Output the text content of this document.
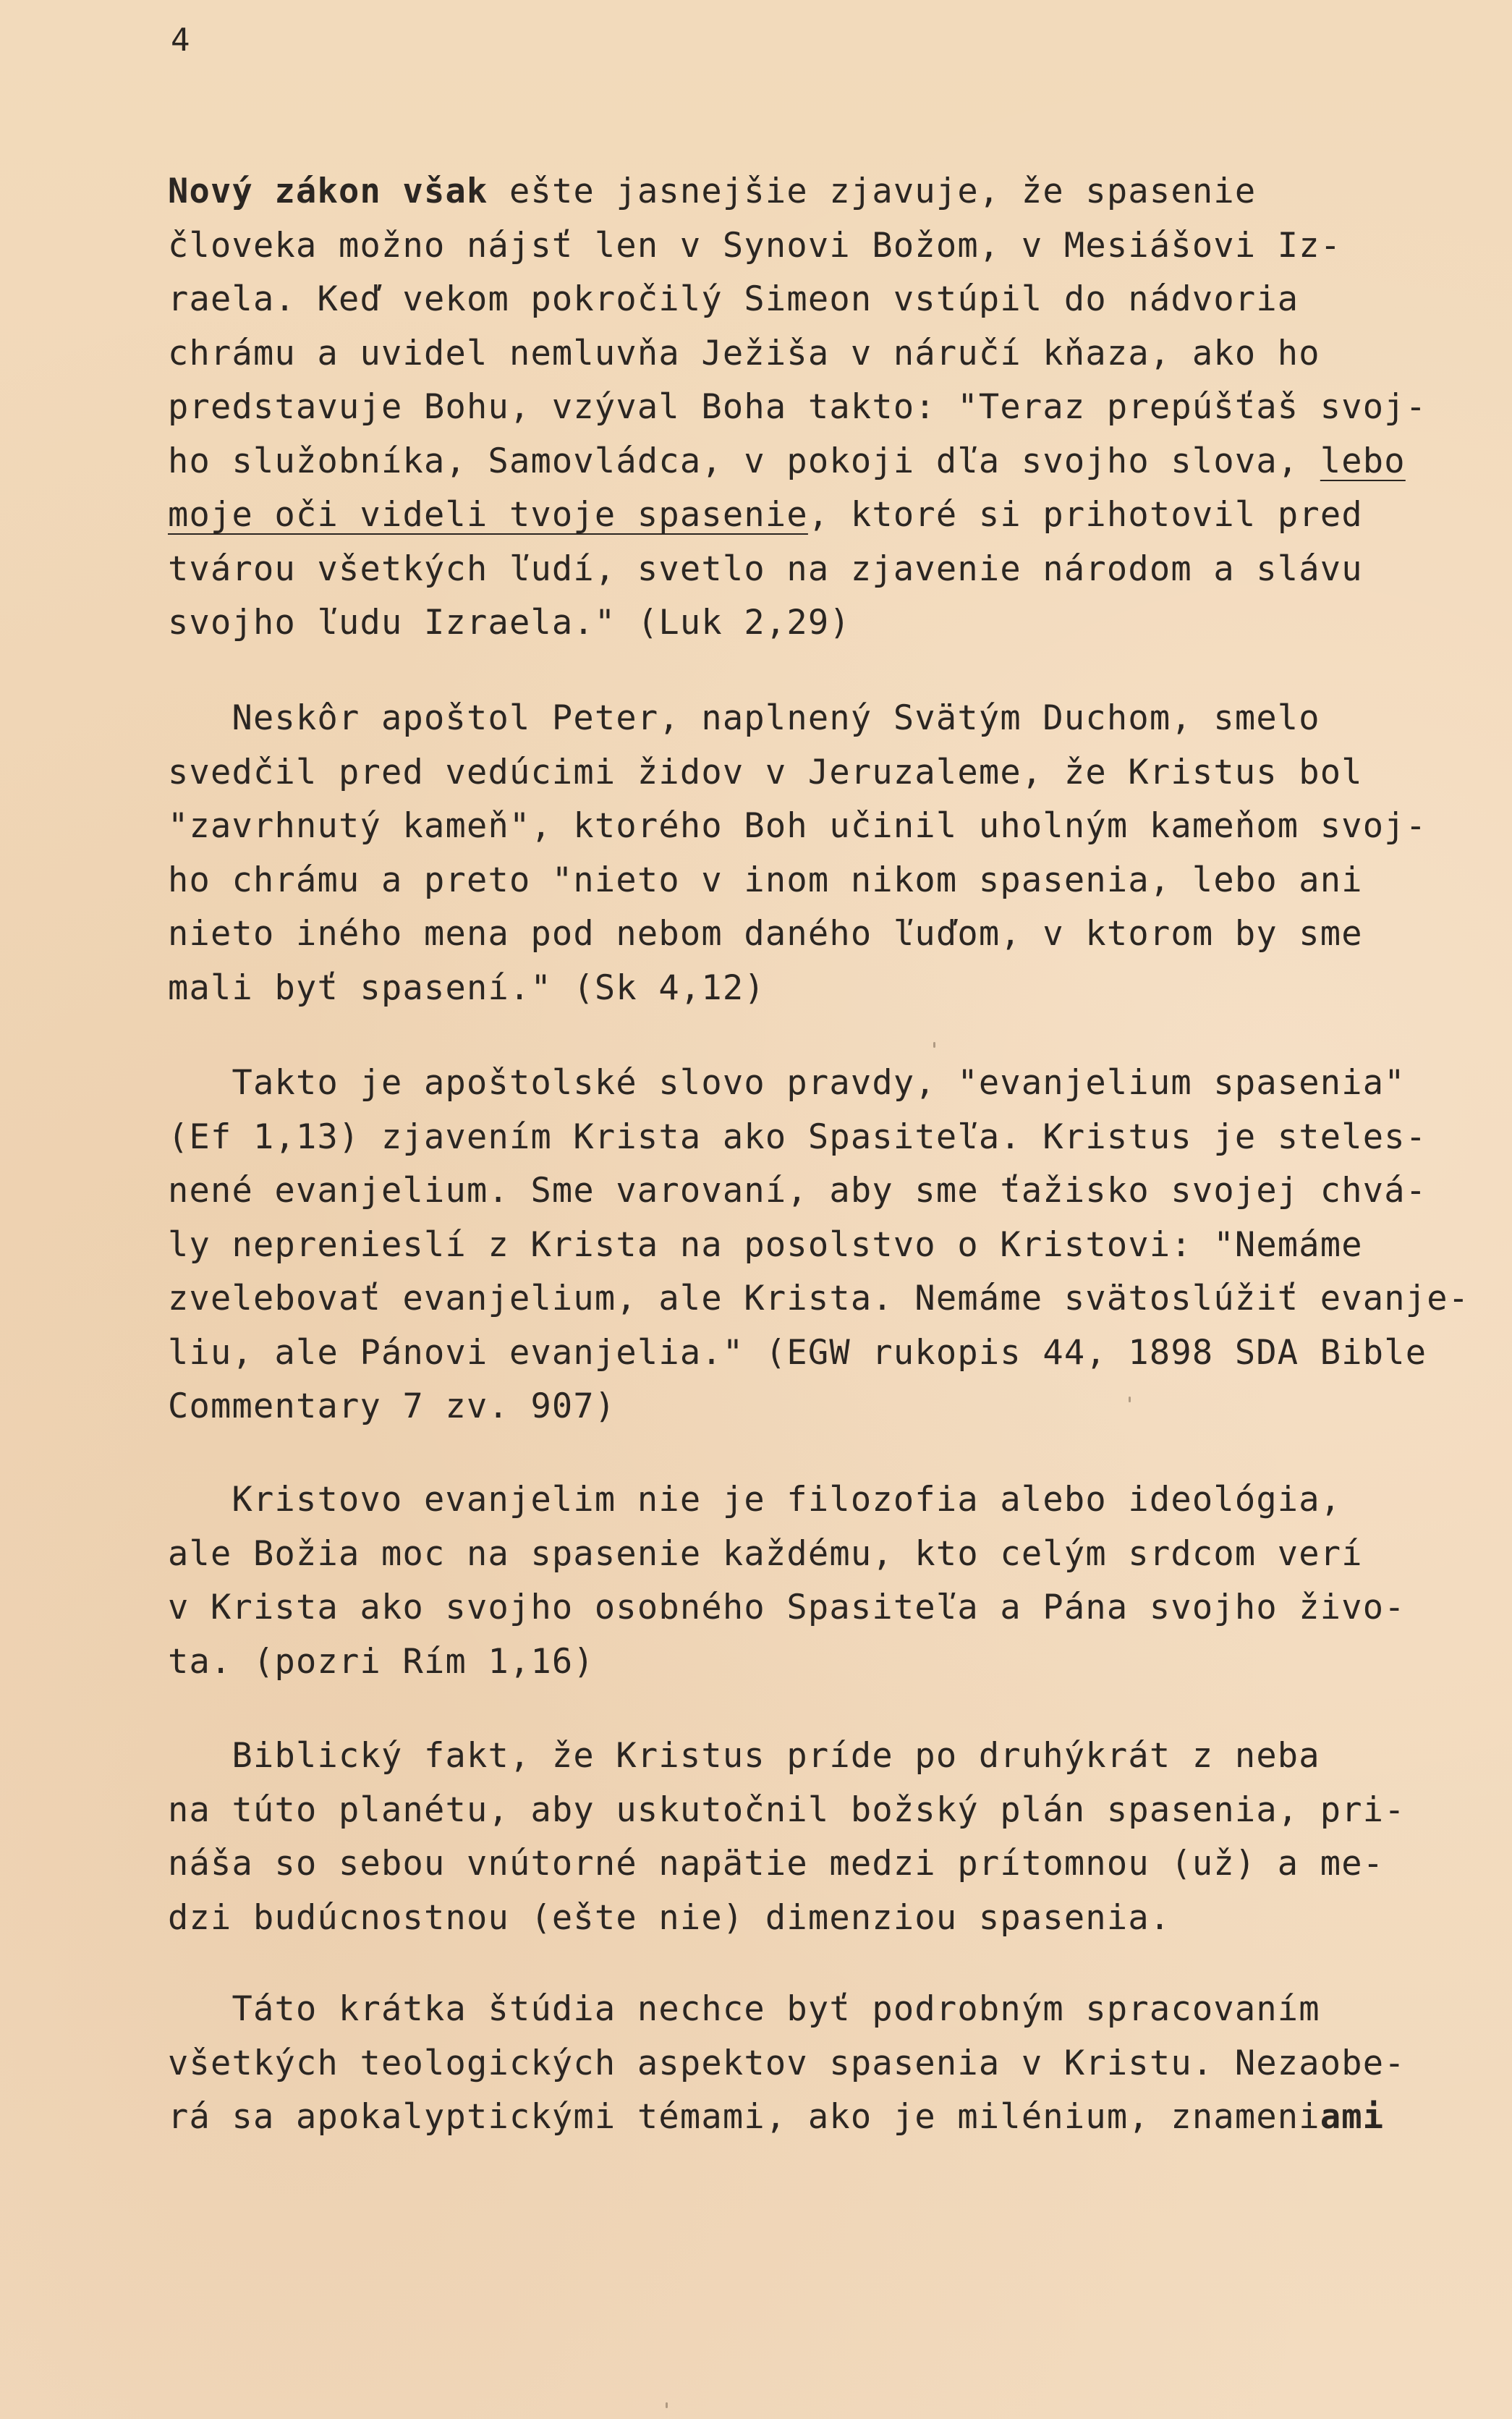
4
Nový zákon však ešte jasnejšie zjavuje, že spasenie
človeka možno nájsť len v Synovi Božom, v Mesiášovi Iz-
raela. Keď vekom pokročilý Simeon vstúpil do nádvoria
chrámu a uvidel nemluvňa Ježiša v náručí kňaza, ako ho
predstavuje Bohu, vzýval Boha takto: "Teraz prepúšťaš svoj-
ho služobníka, Samovládca, v pokoji dľa svojho slova, lebo
moje oči videli tvoje spasenie, ktoré si prihotovil pred
tvárou všetkých ľudí, svetlo na zjavenie národom a slávu
svojho ľudu Izraela." (Luk 2,29)
Neskôr apoštol Peter, naplnený Svätým Duchom, smelo
svedčil pred vedúcimi židov v Jeruzaleme, že Kristus bol
"zavrhnutý kameň", ktorého Boh učinil uholným kameňom svoj-
ho chrámu a preto "nieto v inom nikom spasenia, lebo ani
nieto iného mena pod nebom daného ľuďom, v ktorom by sme
mali byť spasení." (Sk 4,12)
Takto je apoštolské slovo pravdy, "evanjelium spasenia"
(Ef 1,13) zjavením Krista ako Spasiteľa. Kristus je steles-
nené evanjelium. Sme varovaní, aby sme ťažisko svojej chvá-
ly neprenieslí z Krista na posolstvo o Kristovi: "Nemáme
zvelebovať evanjelium, ale Krista. Nemáme svätoslúžiť evanje-
liu, ale Pánovi evanjelia." (EGW rukopis 44, 1898 SDA Bible
Commentary 7 zv. 907)
Kristovo evanjelim nie je filozofia alebo ideológia,
ale Božia moc na spasenie každému, kto celým srdcom verí
v Krista ako svojho osobného Spasiteľa a Pána svojho živo-
ta. (pozri Rím 1,16)
Biblický fakt, že Kristus príde po druhýkrát z neba
na túto planétu, aby uskutočnil božský plán spasenia, pri-
náša so sebou vnútorné napätie medzi prítomnou (už) a me-
dzi budúcnostnou (ešte nie) dimenziou spasenia.
Táto krátka štúdia nechce byť podrobným spracovaním
všetkých teologických aspektov spasenia v Kristu. Nezaobe-
rá sa apokalyptickými témami, ako je milénium, znameniami
